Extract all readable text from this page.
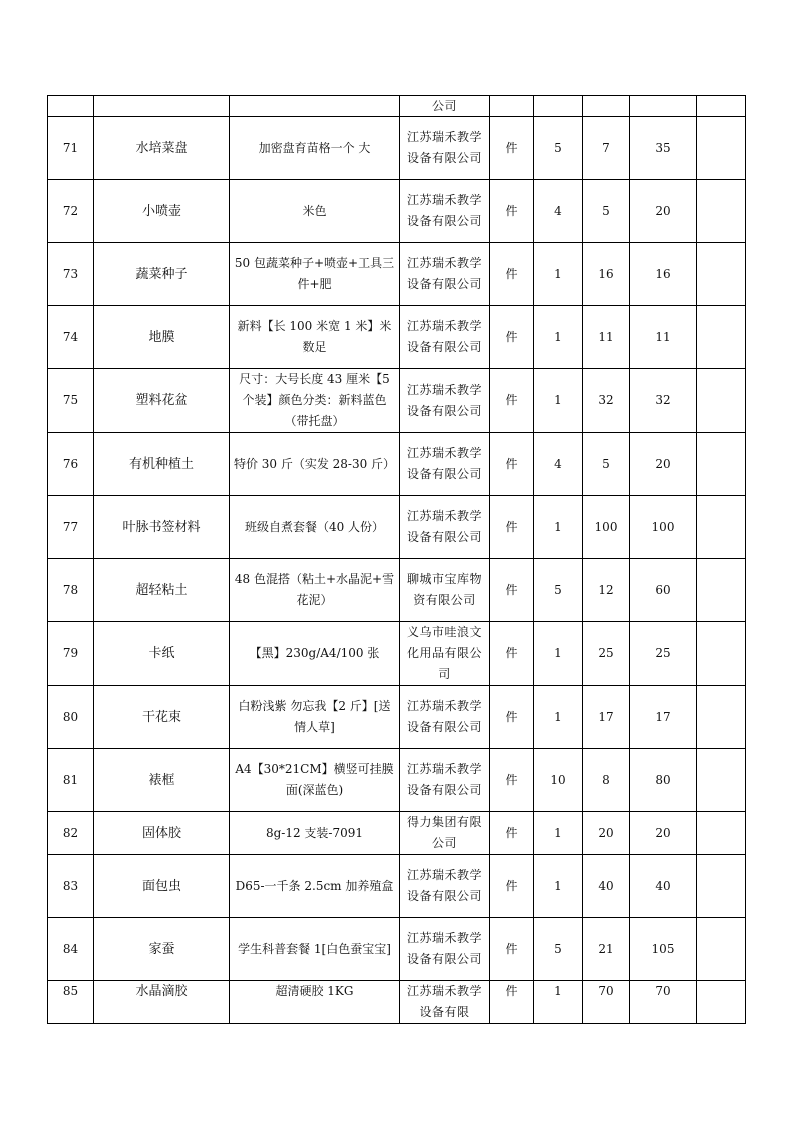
			公司					
71	水培菜盘	加密盘育苗格一个 大	江苏瑞禾教学设备有限公司	件	5	7	35	
72	小喷壶	米色	江苏瑞禾教学设备有限公司	件	4	5	20	
73	蔬菜种子	50 包蔬菜种子+喷壶+工具三件+肥	江苏瑞禾教学设备有限公司	件	1	16	16	
74	地膜	新料【长 100 米宽 1 米】米数足	江苏瑞禾教学设备有限公司	件	1	11	11	
75	塑料花盆	尺寸：大号长度 43 厘米【5 个装】颜色分类：新料蓝色（带托盘）	江苏瑞禾教学设备有限公司	件	1	32	32	
76	有机种植土	特价 30 斤（实发 28-30 斤）	江苏瑞禾教学设备有限公司	件	4	5	20	
77	叶脉书签材料	班级自煮套餐（40 人份）	江苏瑞禾教学设备有限公司	件	1	100	100	
78	超轻粘土	48 色混搭（粘土+水晶泥+雪花泥）	聊城市宝库物资有限公司	件	5	12	60	
79	卡纸	【黑】230g/A4/100 张	义乌市哇浪文化用品有限公司	件	1	25	25	
80	干花束	白粉浅紫 勿忘我【2 斤】[送情人草]	江苏瑞禾教学设备有限公司	件	1	17	17	
81	裱框	A4【30*21CM】横竖可挂膜面(深蓝色)	江苏瑞禾教学设备有限公司	件	10	8	80	
82	固体胶	8g-12 支装-7091	得力集团有限公司	件	1	20	20	
83	面包虫	D65-一千条 2.5cm 加养殖盒	江苏瑞禾教学设备有限公司	件	1	40	40	
84	家蚕	学生科普套餐 1[白色蚕宝宝]	江苏瑞禾教学设备有限公司	件	5	21	105	
85	水晶滴胶	超清硬胶 1KG	江苏瑞禾教学设备有限	件	1	70	70	
